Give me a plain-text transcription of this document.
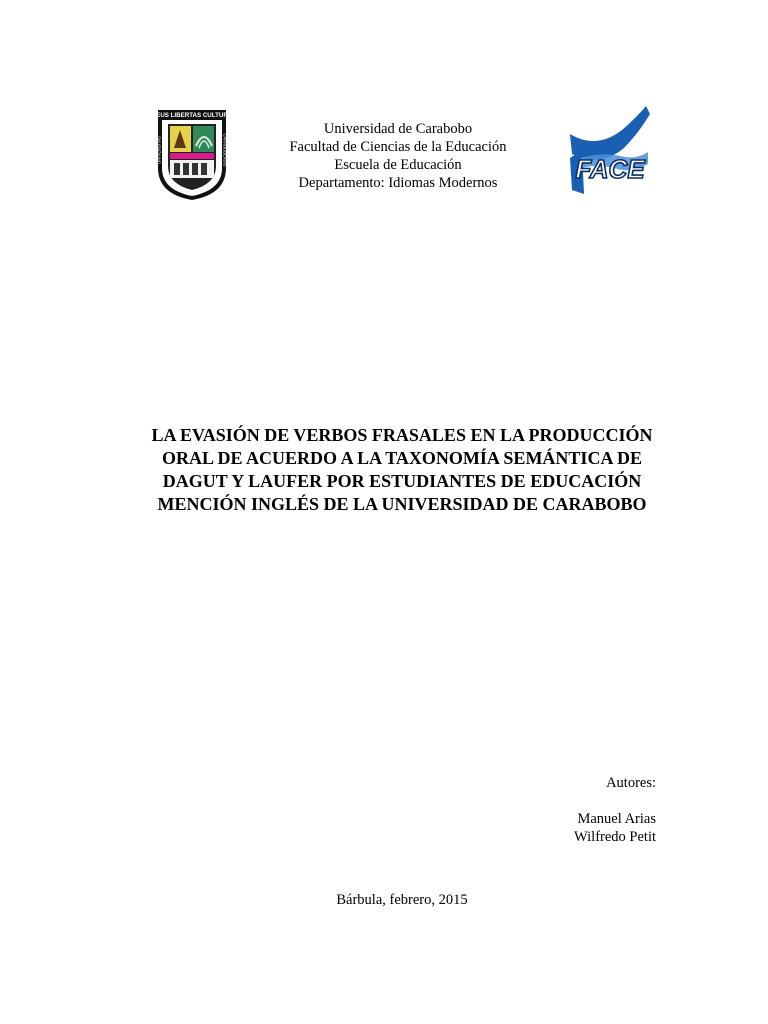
DEUS LIBERTAS CULTURA
UNIVERSITAS	CARABOBENSIS
Universidad de Carabobo
Facultad de Ciencias de la Educación
Escuela de Educación
Departamento: Idiomas Modernos	FACE
LA EVASIÓN DE VERBOS FRASALES EN LA PRODUCCIÓN
ORAL DE ACUERDO A LA TAXONOMÍA SEMÁNTICA DE
DAGUT Y LAUFER POR ESTUDIANTES DE EDUCACIÓN
MENCIÓN INGLÉS DE LA UNIVERSIDAD DE CARABOBO
Autores:
Manuel Arias
Wilfredo Petit
Bárbula, febrero, 2015
